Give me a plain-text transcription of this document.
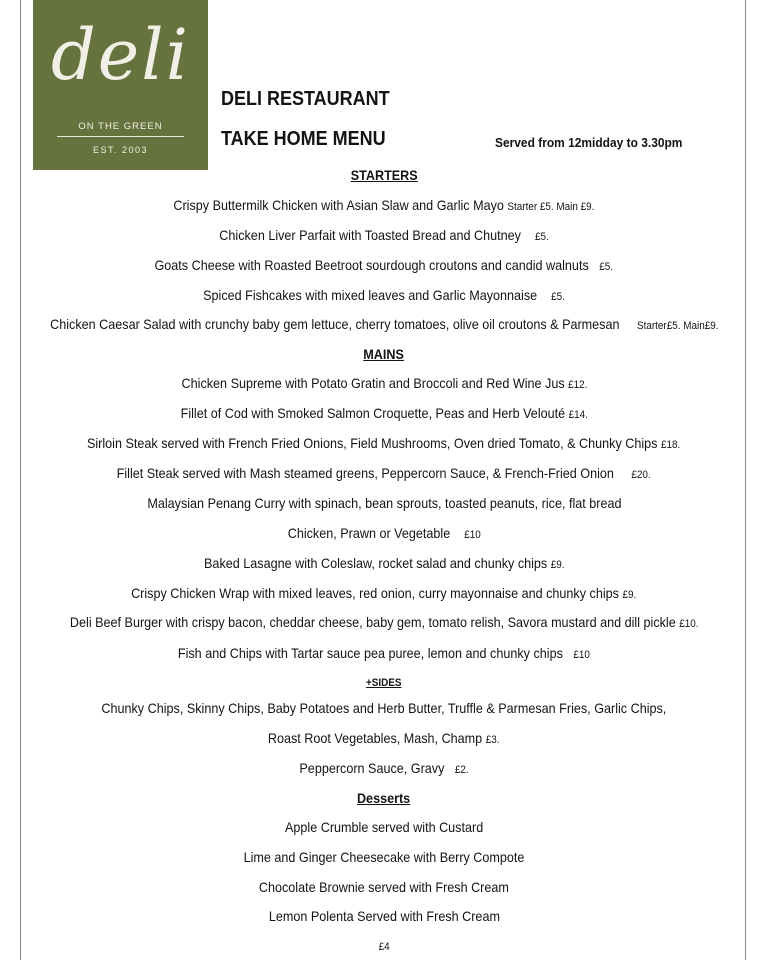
deli
ON THE GREEN
EST. 2003
DELI RESTAURANT
TAKE HOME MENU	Served from 12midday to 3.30pm
STARTERS
Crispy Buttermilk Chicken with Asian Slaw and Garlic Mayo Starter £5. Main £9.
Chicken Liver Parfait with Toasted Bread and Chutney £5.
Goats Cheese with Roasted Beetroot sourdough croutons and candid walnuts £5.
Spiced Fishcakes with mixed leaves and Garlic Mayonnaise £5.
Chicken Caesar Salad with crunchy baby gem lettuce, cherry tomatoes, olive oil croutons & Parmesan Starter£5. Main£9.
MAINS
Chicken Supreme with Potato Gratin and Broccoli and Red Wine Jus £12.
Fillet of Cod with Smoked Salmon Croquette, Peas and Herb Velouté £14.
Sirloin Steak served with French Fried Onions, Field Mushrooms, Oven dried Tomato, & Chunky Chips £18.
Fillet Steak served with Mash steamed greens, Peppercorn Sauce, & French-Fried Onion £20.
Malaysian Penang Curry with spinach, bean sprouts, toasted peanuts, rice, flat bread
Chicken, Prawn or Vegetable £10
Baked Lasagne with Coleslaw, rocket salad and chunky chips £9.
Crispy Chicken Wrap with mixed leaves, red onion, curry mayonnaise and chunky chips £9.
Deli Beef Burger with crispy bacon, cheddar cheese, baby gem, tomato relish, Savora mustard and dill pickle £10.
Fish and Chips with Tartar sauce pea puree, lemon and chunky chips £10
+SIDES
Chunky Chips, Skinny Chips, Baby Potatoes and Herb Butter, Truffle & Parmesan Fries, Garlic Chips,
Roast Root Vegetables, Mash, Champ £3.
Peppercorn Sauce, Gravy £2.
Desserts
Apple Crumble served with Custard
Lime and Ginger Cheesecake with Berry Compote
Chocolate Brownie served with Fresh Cream
Lemon Polenta Served with Fresh Cream
£4
